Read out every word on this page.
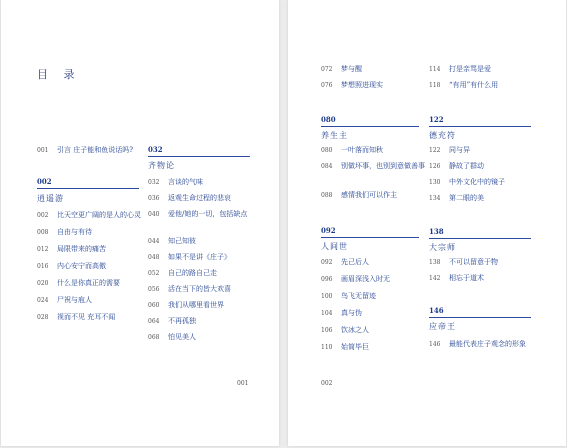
目 录
001 引言 庄子能和鱼说话吗?
002
逍遥游
032
齐物论
001
002 比天空更广阔的是人的心灵
008 自由与有待
012 局限带来的痛苦
016 内心安宁而高傲
020 什么是你真正的需要
024 尸祝与庖人
028 视而不见 充耳不闻
032 言谈的气味
036 返观生命过程的悲哀
040 爱他/她的一切，包括缺点
044 知己知彼
048 如果不是讲《庄子》
052 自己的路自己走
056 活在当下的皆大欢喜
060 我们从哪里看世界
064 不再孤独
068 怕见美人
080
养生主
092
人间世
122
德充符
138
大宗师
146
应帝王
002
072 梦与醒
076 梦想照进现实
114 打是亲骂是爱
118 “有用”有什么用
080 一叶落而知秋
084 别做坏事，也别到意做善事
088 感情我们可以作主
092 先己后人
096 画眉深浅入时无
100 鸟飞无留迹
104 真与伪
106 饮冰之人
110 始简毕巨
122 同与异
126 静故了群动
130 中外文化中的镜子
134 第二眼的美
138 不可以留意于物
142 相忘于道术
146 最能代表庄子观念的形象
